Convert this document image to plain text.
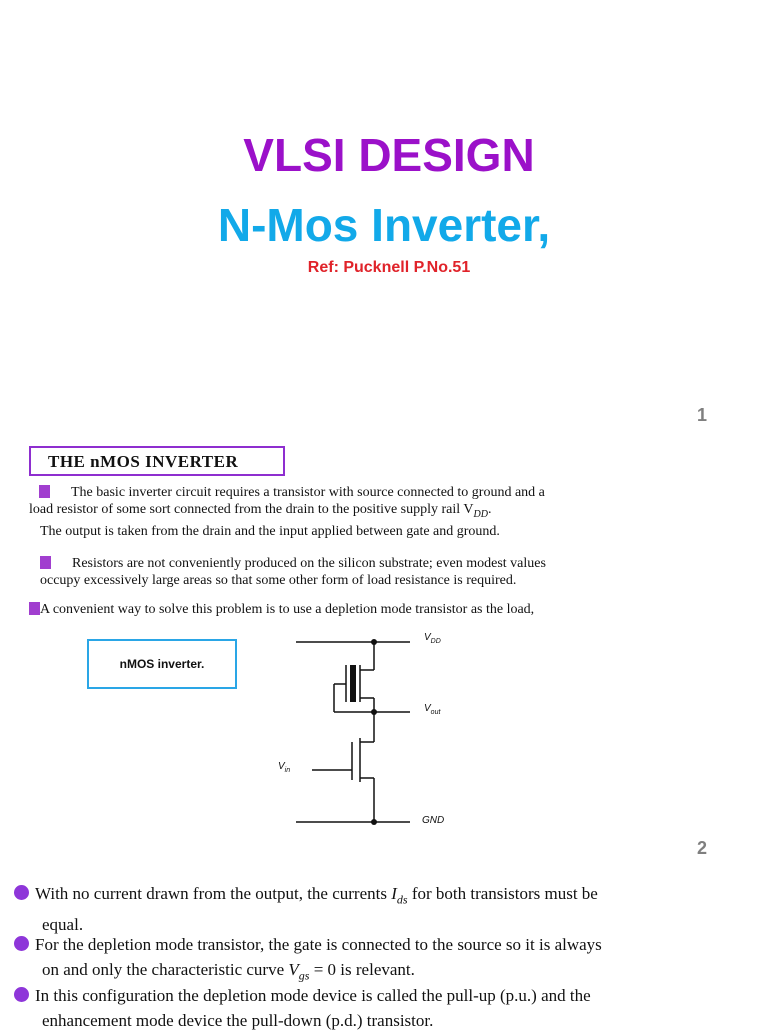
VLSI DESIGN
N-Mos Inverter,
Ref: Pucknell P.No.51
1
THE nMOS INVERTER
The basic inverter circuit requires a transistor with source connected to ground and a
load resistor of some sort connected from the drain to the positive supply rail $V_{DD}$.
The output is taken from the drain and the input applied between gate and ground.
Resistors are not conveniently produced on the silicon substrate; even modest values
occupy excessively large areas so that some other form of load resistance is required.
A convenient way to solve this problem is to use a depletion mode transistor as the load,
nMOS inverter.
$V_{DD}$
$V_{out}$
$V_{in}$
GND
2
With no current drawn from the output, the currents $I_{ds}$ for both transistors must be
equal.
For the depletion mode transistor, the gate is connected to the source so it is always
on and only the characteristic curve $V_{gs} = 0$ is relevant.
In this configuration the depletion mode device is called the pull-up (p.u.) and the
enhancement mode device the pull-down (p.d.) transistor.
